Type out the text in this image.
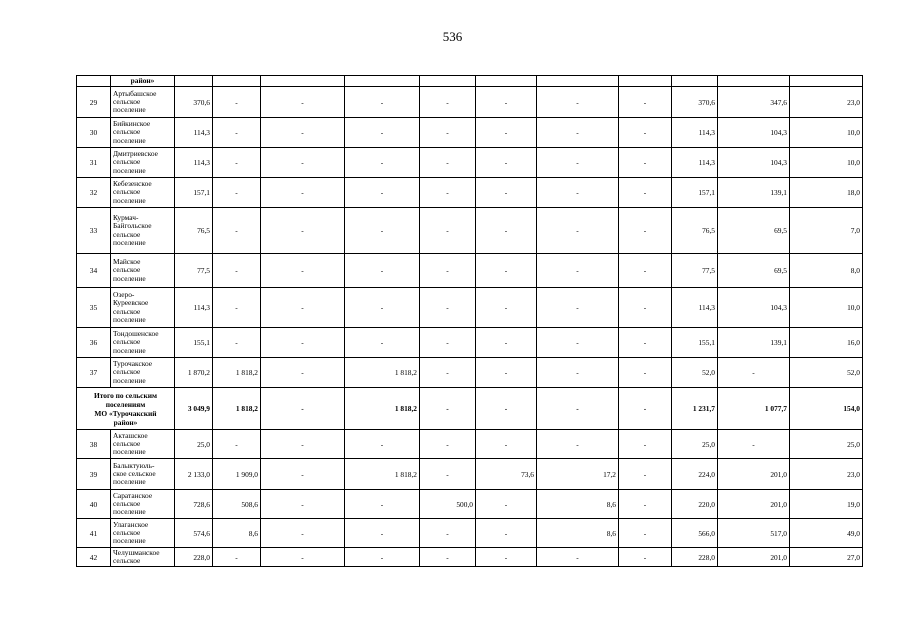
536
	район»											
29	Артыбашское
сельское
поселение	370,6	-	-	-	-	-	-	-	370,6	347,6	23,0
30	Бийкинское
сельское
поселение	114,3	-	-	-	-	-	-	-	114,3	104,3	10,0
31	Дмитриевское
сельское
поселение	114,3	-	-	-	-	-	-	-	114,3	104,3	10,0
32	Кебезенское
сельское
поселение	157,1	-	-	-	-	-	-	-	157,1	139,1	18,0
33	Курмач-
Байгольское
сельское
поселение	76,5	-	-	-	-	-	-	-	76,5	69,5	7,0
34	Майское
сельское
поселение	77,5	-	-	-	-	-	-	-	77,5	69,5	8,0
35	Озеро-
Куреевское
сельское
поселение	114,3	-	-	-	-	-	-	-	114,3	104,3	10,0
36	Тондошенское
сельское
поселение	155,1	-	-	-	-	-	-	-	155,1	139,1	16,0
37	Турочакское
сельское
поселение	1 870,2	1 818,2	-	1 818,2	-	-	-	-	52,0	-	52,0
Итого по сельским
поселениям
МО «Турочакский
район»		3 049,9	1 818,2	-	1 818,2	-	-	-	-	1 231,7	1 077,7	154,0
38	Акташское
сельское
поселение	25,0	-	-	-	-	-	-	-	25,0	-	25,0
39	Балыктуюль-
ское сельское
поселение	2 133,0	1 909,0	-	1 818,2	-	73,6	17,2	-	224,0	201,0	23,0
40	Саратанское
сельское
поселение	728,6	508,6	-	-	500,0	-	8,6	-	220,0	201,0	19,0
41	Улаганское
сельское
поселение	574,6	8,6	-	-	-	-	8,6	-	566,0	517,0	49,0
42	Челушманское
сельское	228,0	-	-	-	-	-	-	-	228,0	201,0	27,0
